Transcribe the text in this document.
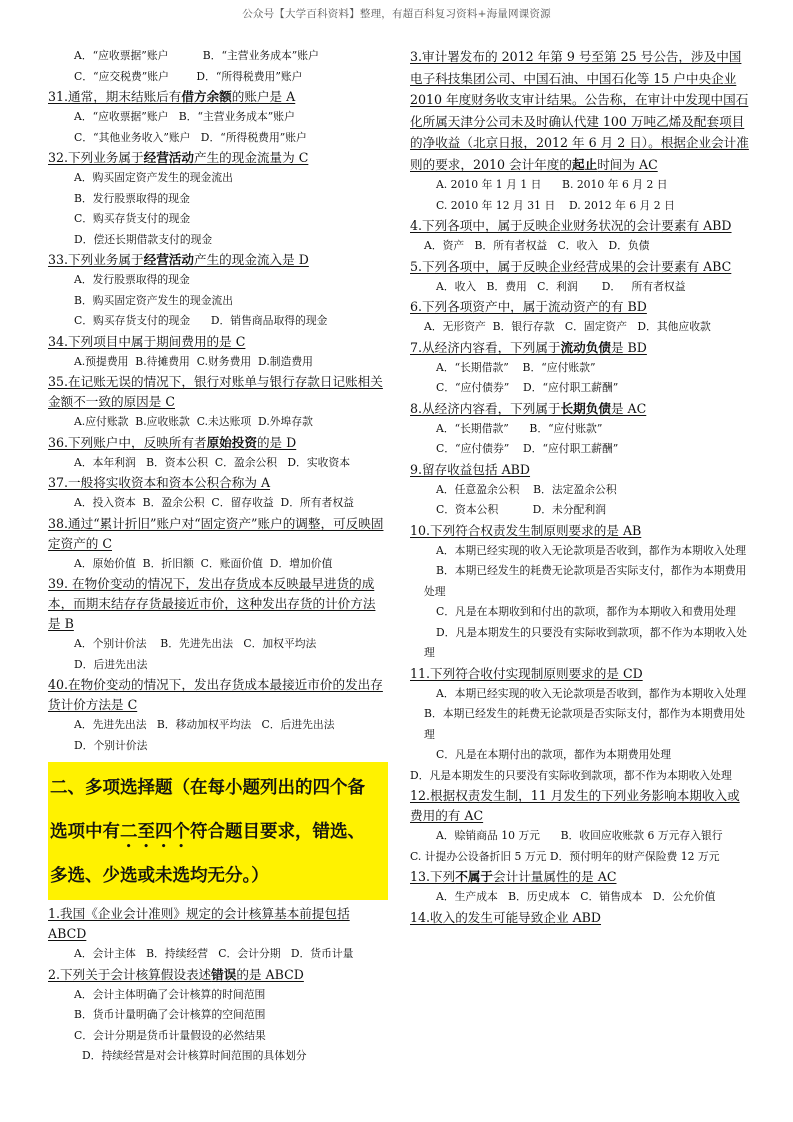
公众号【大学百科资料】整理，有超百科复习资料+海量网课资源

A．“应收票据”账户	B．“主营业务成本”账户

C．“应交税费”账户	D．“所得税费用”账户

31.通常，期末结账后有借方余额的账户是 A

A．“应收票据”账户 B．“主营业务成本”账户

C．“其他业务收入”账户 D．“所得税费用”账户

32.下列业务属于经营活动产生的现金流量为 C

A．购买固定资产发生的现金流出

B．发行股票取得的现金

C．购买存货支付的现金

D．偿还长期借款支付的现金

33.下列业务属于经营活动产生的现金流入是 D

A．发行股票取得的现金

B．购买固定资产发生的现金流出

C．购买存货支付的现金 D．销售商品取得的现金

34.下列项目中属于期间费用的是 C

A.预提费用  B.待摊费用  C.财务费用  D.制造费用

35.在记账无误的情况下，银行对账单与银行存款日记账相关金额不一致的原因是 C

A.应付账款  B.应收账款  C.未达账项  D.外埠存款

36.下列账户中，反映所有者原始投资的是 D

A．本年利润   B．资本公积  C．盈余公积   D．实收资本

37.一般将实收资本和资本公积合称为 A

A．投入资本  B．盈余公积  C．留存收益  D．所有者权益

38.通过“累计折旧”账户对“固定资产”账户的调整，可反映固定资产的 C

A．原始价值  B．折旧额  C．账面价值  D．增加价值

39. 在物价变动的情况下，发出存货成本反映最早进货的成本，而期末结存存货最接近市价，这种发出存货的计价方法是 B

A．个别计价法    B．先进先出法   C．加权平均法

D．后进先出法

40.在物价变动的情况下，发出存货成本最接近市价的发出存货计价方法是 C

A．先进先出法   B．移动加权平均法   C．后进先出法

D．个别计价法

二、多项选择题（在每小题列出的四个备
选项中有二至四个符合题目要求，错选、
多选、少选或未选均无分。）

1.我国《企业会计准则》规定的会计核算基本前提包括 ABCD

A．会计主体   B．持续经营   C．会计分期   D．货币计量

2.下列关于会计核算假设表述错误的是 ABCD

A．会计主体明确了会计核算的时间范围

B．货币计量明确了会计核算的空间范围

C．会计分期是货币计量假设的必然结果

D．持续经营是对会计核算时间范围的具体划分

3.审计署发布的 2012 年第 9 号至第 25 号公告，涉及中国电子科技集团公司、中国石油、中国石化等 15 户中央企业 2010 年度财务收支审计结果。公告称，在审计中发现中国石化所属天津分公司未及时确认代建 100 万吨乙烯及配套项目的净收益（北京日报，2012 年 6 月 2 日）。根据企业会计准则的要求，2010 会计年度的起止时间为 AC

A. 2010 年 1 月 1 日      B. 2010 年 6 月 2 日

C. 2010 年 12 月 31 日    D. 2012 年 6 月 2 日

4.下列各项中，属于反映企业财务状况的会计要素有 ABD

A．资产   B．所有者权益   C．收入   D．负债

5.下列各项中，属于反映企业经营成果的会计要素有 ABC

A．收入   B．费用   C．利润       D．   所有者权益

6.下列各项资产中，属于流动资产的有 BD

A．无形资产  B．银行存款   C．固定资产   D．其他应收款

7.从经济内容看，下列属于流动负债是 BD

A．“长期借款”    B．“应付账款”

C．“应付债券”    D．“应付职工薪酬”

8.从经济内容看，下列属于长期负债是 AC

A．“长期借款”      B．“应付账款”

C．“应付债券”    D．“应付职工薪酬”

9.留存收益包括 ABD

A．任意盈余公积    B．法定盈余公积

C．资本公积          D．未分配利润

10.下列符合权责发生制原则要求的是 AB

A．本期已经实现的收入无论款项是否收到，都作为本期收入处理

B．本期已经发生的耗费无论款项是否实际支付，都作为本期费用处理

C．凡是在本期收到和付出的款项，都作为本期收入和费用处理

D．凡是本期发生的只要没有实际收到款项，都不作为本期收入处理

11.下列符合收付实现制原则要求的是 CD

A．本期已经实现的收入无论款项是否收到，都作为本期收入处理 B．本期已经发生的耗费无论款项是否实际支付，都作为本期费用处理

C．凡是在本期付出的款项，都作为本期费用处理

D．凡是本期发生的只要没有实际收到款项，都不作为本期收入处理

12.根据权责发生制，11 月发生的下列业务影响本期收入或费用的有 AC

A．赊销商品 10 万元      B．收回应收账款 6 万元存入银行

C. 计提办公设备折旧 5 万元 D．预付明年的财产保险费 12 万元

13.下列不属于会计计量属性的是 AC

A．生产成本   B．历史成本   C．销售成本   D．公允价值

14.收入的发生可能导致企业 ABD
